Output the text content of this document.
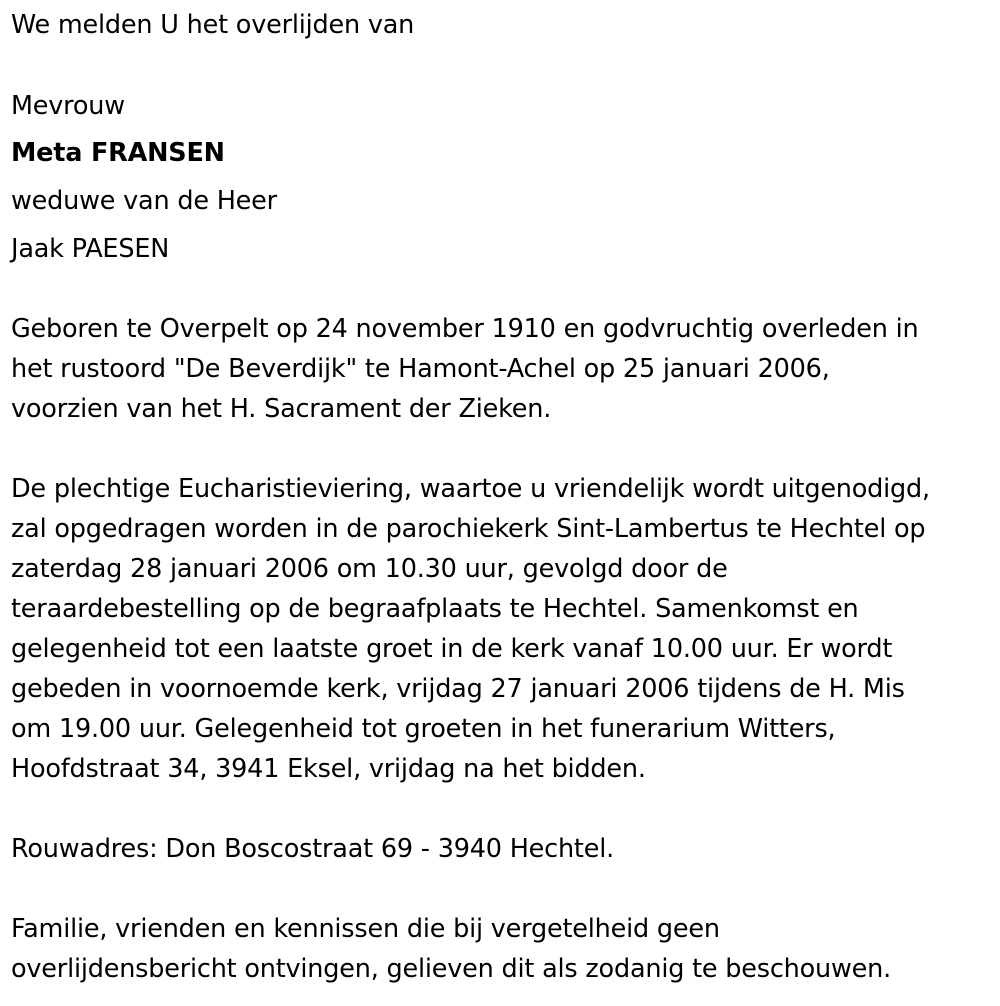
We melden U het overlijden van
Mevrouw
Meta FRANSEN
weduwe van de Heer
Jaak PAESEN
Geboren te Overpelt op 24 november 1910 en godvruchtig overleden in
het rustoord "De Beverdijk" te Hamont-Achel op 25 januari 2006,
voorzien van het H. Sacrament der Zieken.
De plechtige Eucharistieviering, waartoe u vriendelijk wordt uitgenodigd,
zal opgedragen worden in de parochiekerk Sint-Lambertus te Hechtel op
zaterdag 28 januari 2006 om 10.30 uur, gevolgd door de
teraardebestelling op de begraafplaats te Hechtel. Samenkomst en
gelegenheid tot een laatste groet in de kerk vanaf 10.00 uur. Er wordt
gebeden in voornoemde kerk, vrijdag 27 januari 2006 tijdens de H. Mis
om 19.00 uur. Gelegenheid tot groeten in het funerarium Witters,
Hoofdstraat 34, 3941 Eksel, vrijdag na het bidden.
Rouwadres: Don Boscostraat 69 - 3940 Hechtel.
Familie, vrienden en kennissen die bij vergetelheid geen
overlijdensbericht ontvingen, gelieven dit als zodanig te beschouwen.
